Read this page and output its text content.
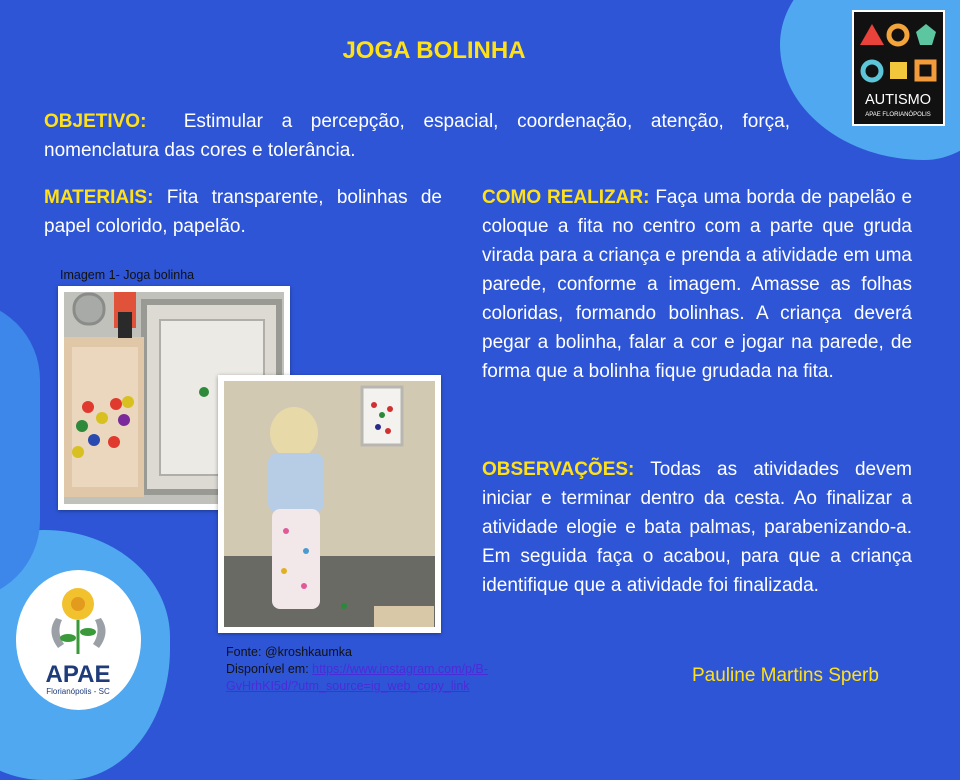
JOGA BOLINHA
OBJETIVO: Estimular a percepção, espacial, coordenação, atenção, força, nomenclatura das cores e tolerância.
MATERIAIS: Fita transparente, bolinhas de papel colorido, papelão.
COMO REALIZAR: Faça uma borda de papelão e coloque a fita no centro com a parte que gruda virada para a criança e prenda a atividade em uma parede, conforme a imagem. Amasse as folhas coloridas, formando bolinhas. A criança deverá pegar a bolinha, falar a cor e jogar na parede, de forma que a bolinha fique grudada na fita.
OBSERVAÇÕES: Todas as atividades devem iniciar e terminar dentro da cesta. Ao finalizar a atividade elogie e bata palmas, parabenizando-a. Em seguida faça o acabou, para que a criança identifique que a atividade foi finalizada.
AUTISMO
APAE FLORIANÓPOLIS
APAE
Florianópolis - SC
Imagem 1- Joga bolinha
Fonte: @kroshkaumka
Disponível em: https://www.instagram.com/p/B-GvHrhKI5d/?utm_source=ig_web_copy_link	Pauline Martins Sperb
